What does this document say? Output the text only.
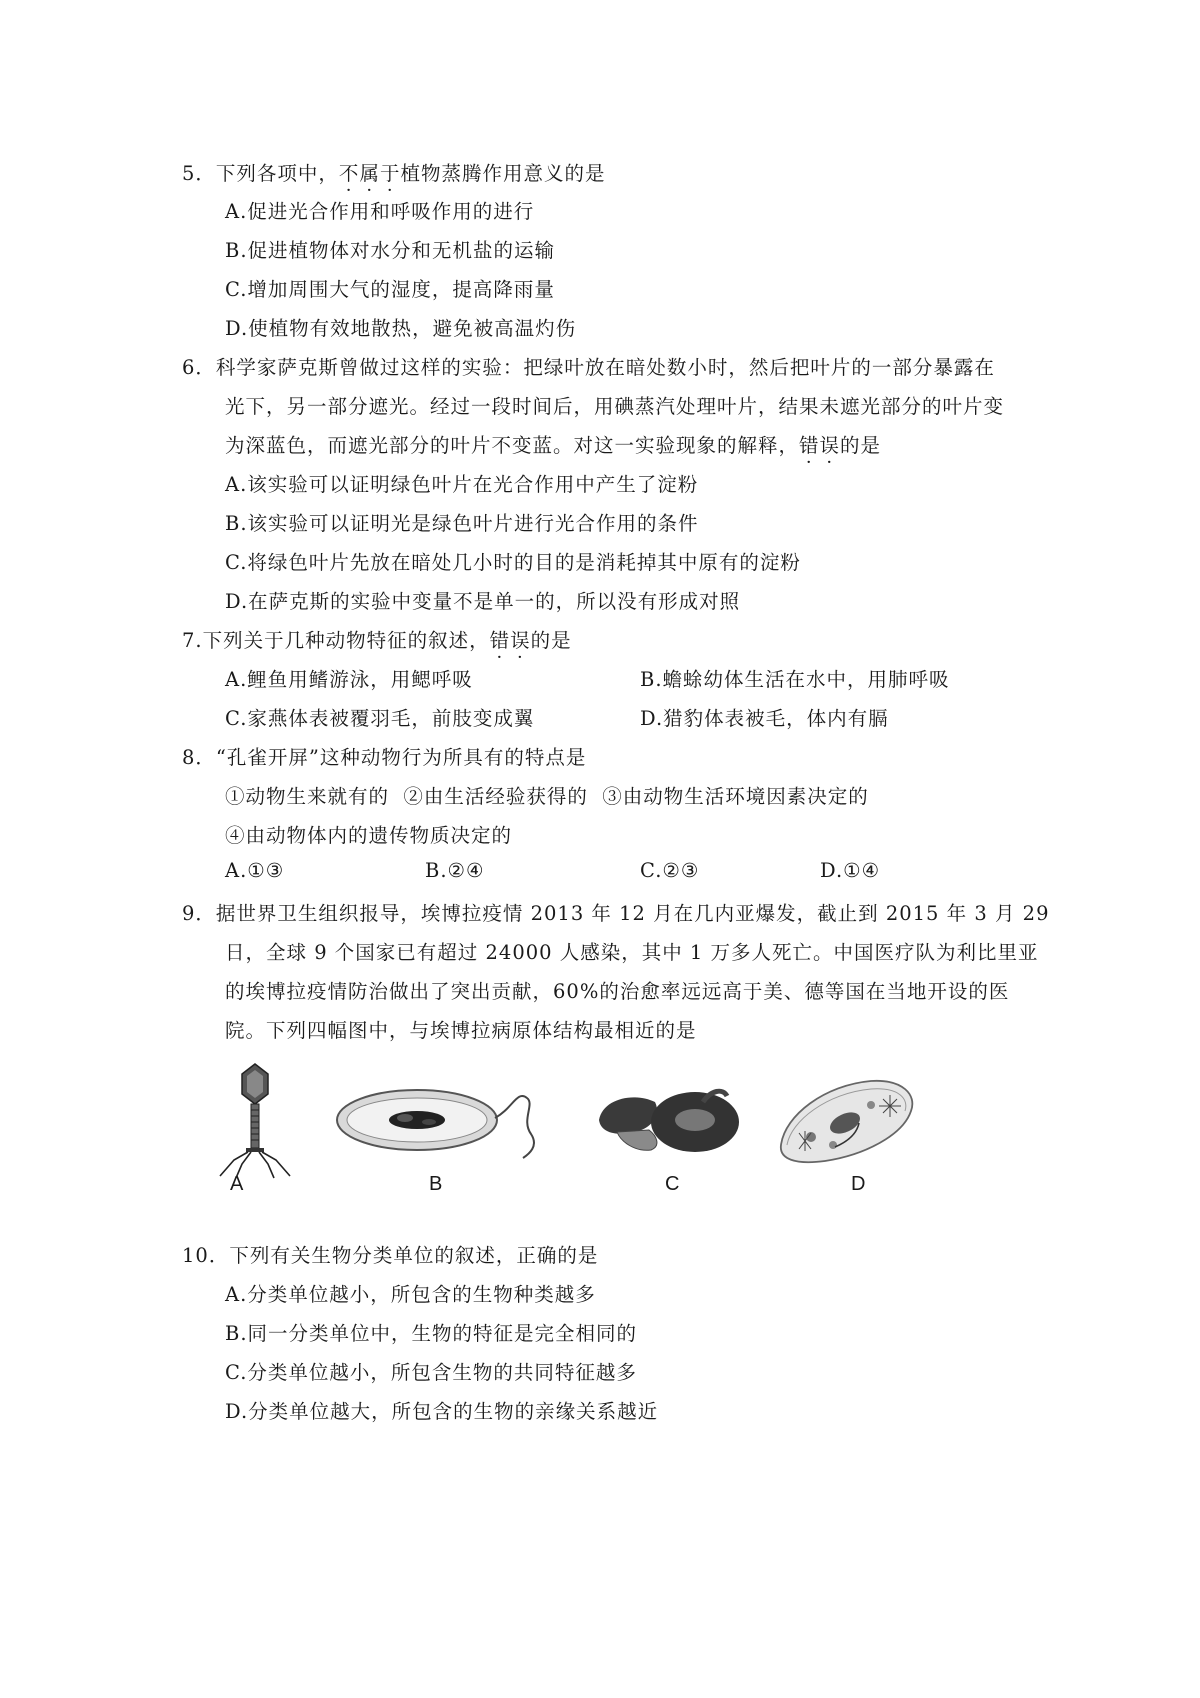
5．下列各项中，不属于植物蒸腾作用意义的是
A.促进光合作用和呼吸作用的进行
B.促进植物体对水分和无机盐的运输
C.增加周围大气的湿度，提高降雨量
D.使植物有效地散热，避免被高温灼伤
6．科学家萨克斯曾做过这样的实验：把绿叶放在暗处数小时，然后把叶片的一部分暴露在
光下，另一部分遮光。经过一段时间后，用碘蒸汽处理叶片，结果未遮光部分的叶片变
为深蓝色，而遮光部分的叶片不变蓝。对这一实验现象的解释，错误的是
A.该实验可以证明绿色叶片在光合作用中产生了淀粉
B.该实验可以证明光是绿色叶片进行光合作用的条件
C.将绿色叶片先放在暗处几小时的目的是消耗掉其中原有的淀粉
D.在萨克斯的实验中变量不是单一的，所以没有形成对照
7.下列关于几种动物特征的叙述，错误的是
A.鲤鱼用鳍游泳，用鳃呼吸	B.蟾蜍幼体生活在水中，用肺呼吸
C.家燕体表被覆羽毛，前肢变成翼	D.猎豹体表被毛，体内有膈
8．“孔雀开屏”这种动物行为所具有的特点是
①动物生来就有的  ②由生活经验获得的  ③由动物生活环境因素决定的
④由动物体内的遗传物质决定的
A.①③	B.②④	C.②③	D.①④
9．据世界卫生组织报导，埃博拉疫情 2013 年 12 月在几内亚爆发，截止到 2015 年 3 月 29
日，全球 9 个国家已有超过 24000 人感染，其中 1 万多人死亡。中国医疗队为利比里亚
的埃博拉疫情防治做出了突出贡献，60%的治愈率远远高于美、德等国在当地开设的医
院。下列四幅图中，与埃博拉病原体结构最相近的是
A	B	C	D
10．下列有关生物分类单位的叙述，正确的是
A.分类单位越小，所包含的生物种类越多
B.同一分类单位中，生物的特征是完全相同的
C.分类单位越小，所包含生物的共同特征越多
D.分类单位越大，所包含的生物的亲缘关系越近
